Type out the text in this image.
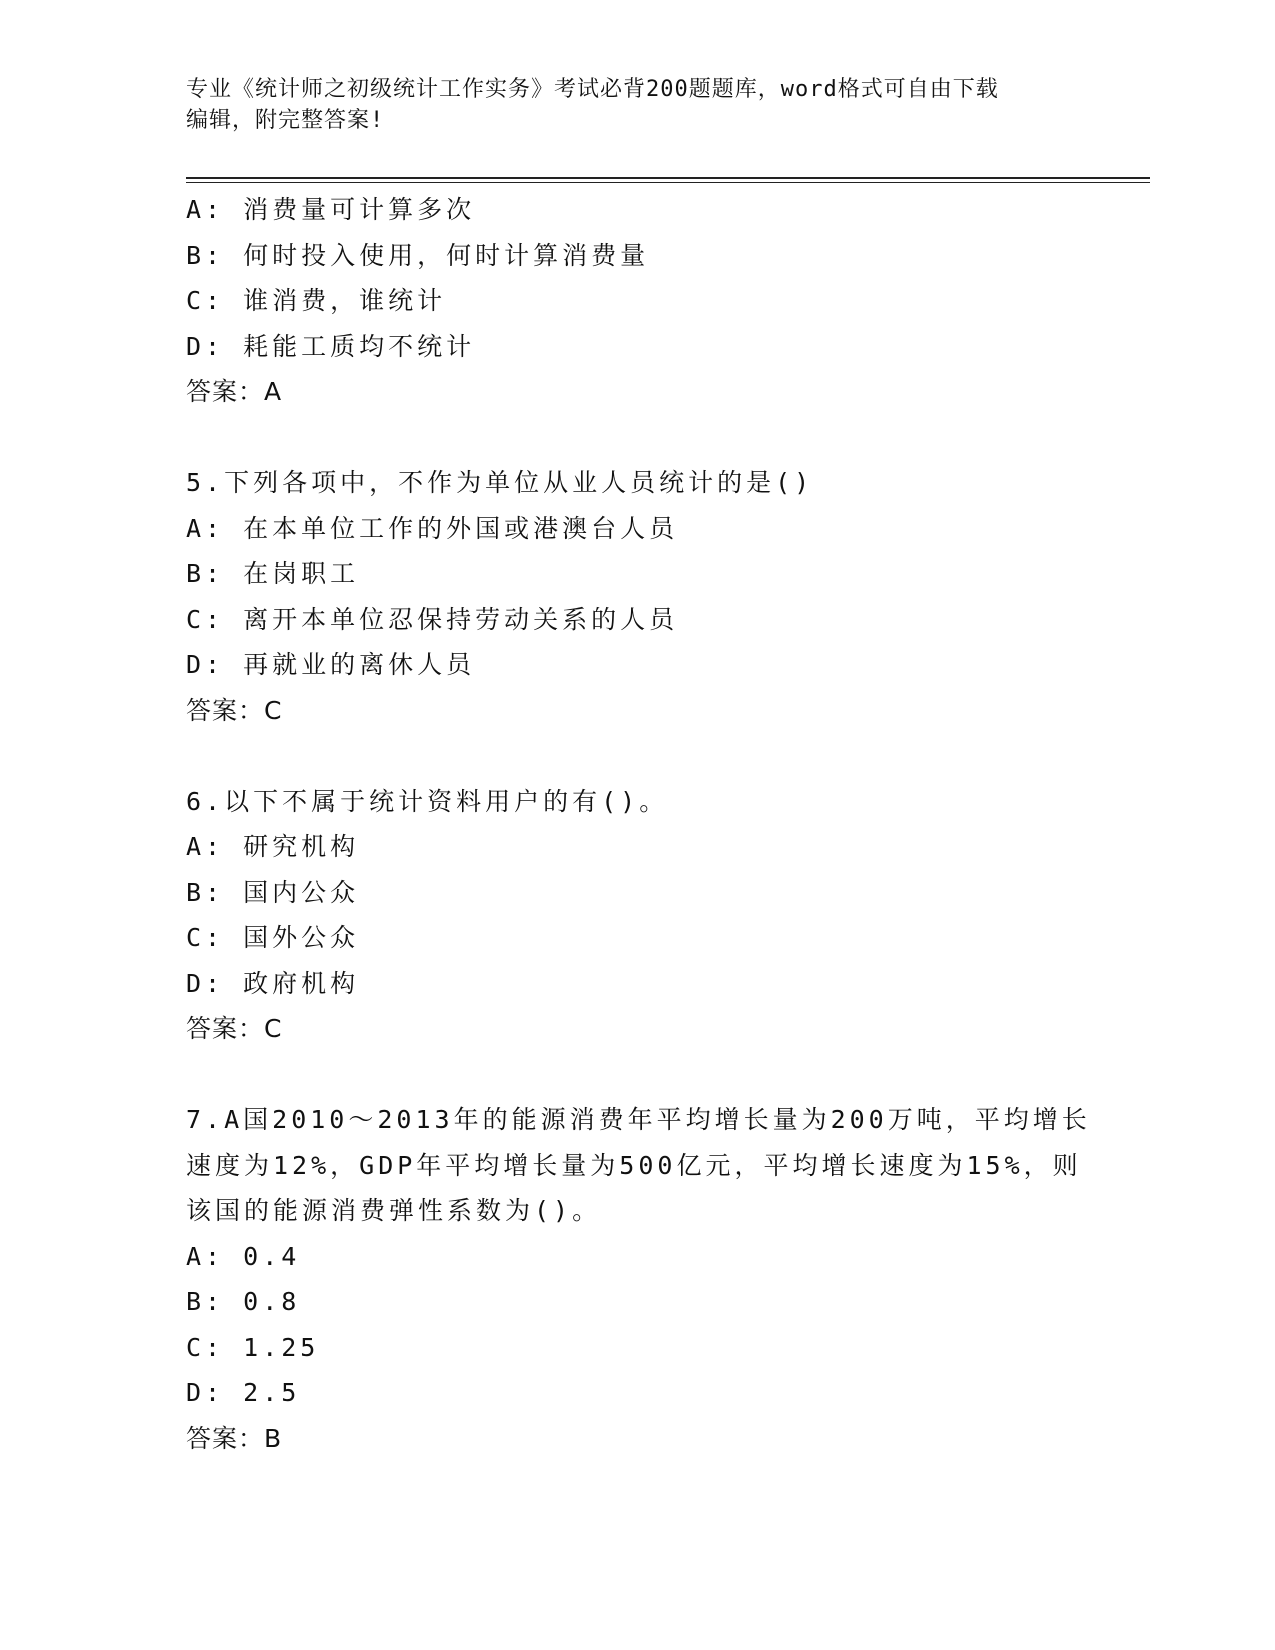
专业《统计师之初级统计工作实务》考试必背200题题库，word格式可自由下载
编辑，附完整答案!
A: 消费量可计算多次
B: 何时投入使用，何时计算消费量
C: 谁消费，谁统计
D: 耗能工质均不统计
答案：A
5.下列各项中，不作为单位从业人员统计的是()
A: 在本单位工作的外国或港澳台人员
B: 在岗职工
C: 离开本单位忍保持劳动关系的人员
D: 再就业的离休人员
答案：C
6.以下不属于统计资料用户的有()。
A: 研究机构
B: 国内公众
C: 国外公众
D: 政府机构
答案：C
7.A国2010～2013年的能源消费年平均增长量为200万吨，平均增长
速度为12%，GDP年平均增长量为500亿元，平均增长速度为15%，则
该国的能源消费弹性系数为()。
A: 0.4
B: 0.8
C: 1.25
D: 2.5
答案：B
